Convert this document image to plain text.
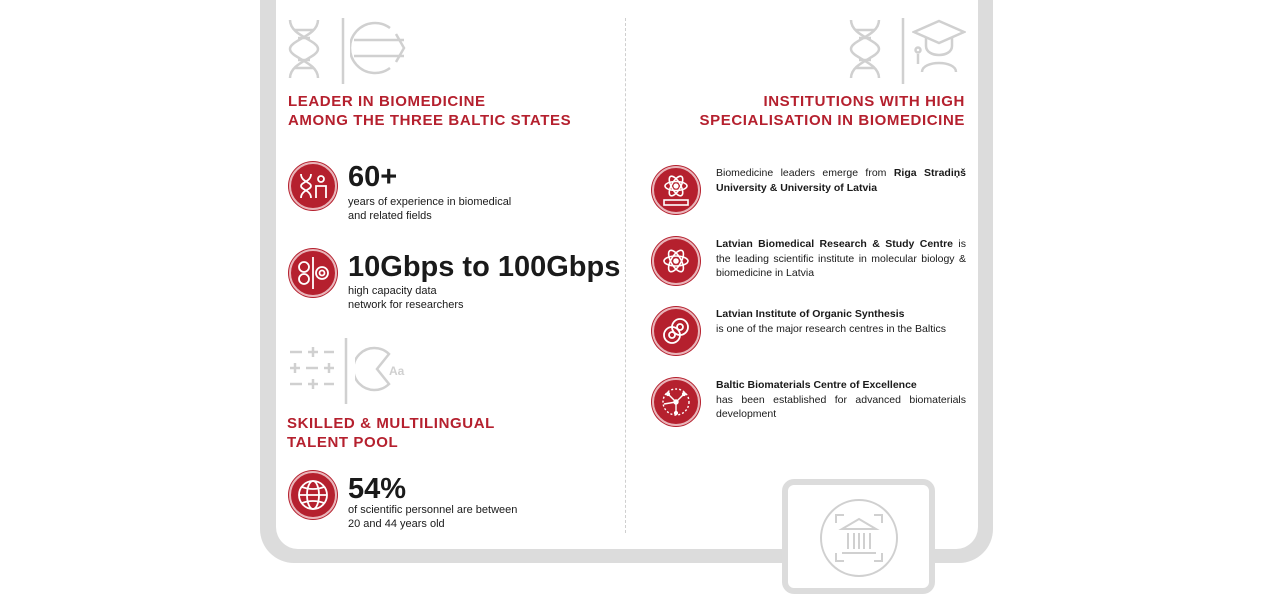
LEADER IN BIOMEDICINE
AMONG THE THREE BALTIC STATES
60+
years of experience in biomedical
and related fields
10Gbps to 100Gbps
high capacity data
network for researchers
Aa
SKILLED & MULTILINGUAL
TALENT POOL
54%
of scientific personnel are between
20 and 44 years old
INSTITUTIONS WITH HIGH
SPECIALISATION IN BIOMEDICINE
Biomedicine leaders emerge from Riga Stradiņš University & University of Latvia
Latvian Biomedical Research & Study Centre is the leading scientific institute in molecular biology & biomedicine in Latvia
Latvian Institute of Organic Synthesis
is one of the major research centres in the Baltics
Baltic Biomaterials Centre of Excellence
has been established for advanced biomaterials development
